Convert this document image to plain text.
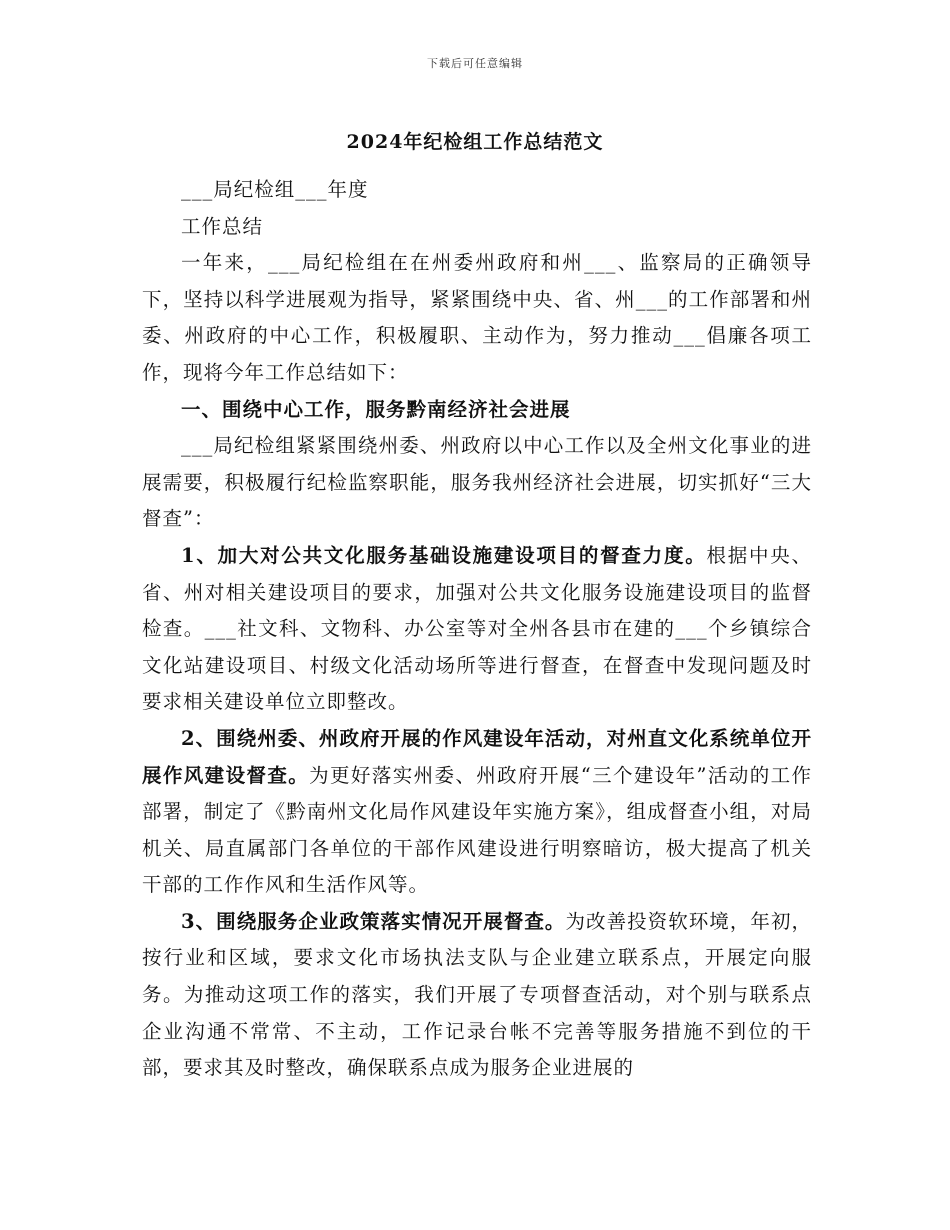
下载后可任意编辑
2024年纪检组工作总结范文

___局纪检组___年度

工作总结

一年来，___局纪检组在在州委州政府和州___、监察局的正确领导下，坚持以科学进展观为指导，紧紧围绕中央、省、州___的工作部署和州委、州政府的中心工作，积极履职、主动作为，努力推动___倡廉各项工作，现将今年工作总结如下：

一、围绕中心工作，服务黔南经济社会进展

___局纪检组紧紧围绕州委、州政府以中心工作以及全州文化事业的进展需要，积极履行纪检监察职能，服务我州经济社会进展，切实抓好“三大督查”：

1、加大对公共文化服务基础设施建设项目的督查力度。根据中央、省、州对相关建设项目的要求，加强对公共文化服务设施建设项目的监督检查。___社文科、文物科、办公室等对全州各县市在建的___个乡镇综合文化站建设项目、村级文化活动场所等进行督查，在督查中发现问题及时要求相关建设单位立即整改。

2、围绕州委、州政府开展的作风建设年活动，对州直文化系统单位开展作风建设督查。为更好落实州委、州政府开展“三个建设年”活动的工作部署，制定了《黔南州文化局作风建设年实施方案》，组成督查小组，对局机关、局直属部门各单位的干部作风建设进行明察暗访，极大提高了机关干部的工作作风和生活作风等。

3、围绕服务企业政策落实情况开展督查。为改善投资软环境，年初，按行业和区域，要求文化市场执法支队与企业建立联系点，开展定向服务。为推动这项工作的落实，我们开展了专项督查活动，对个别与联系点企业沟通不常常、不主动，工作记录台帐不完善等服务措施不到位的干部，要求其及时整改，确保联系点成为服务企业进展的
